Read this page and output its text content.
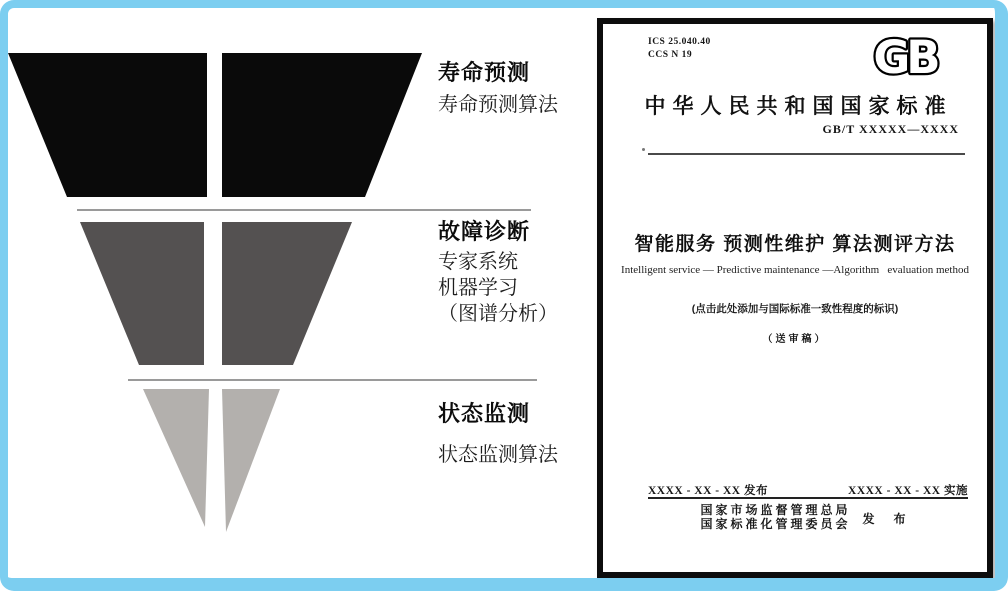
寿命预测
寿命预测算法
故障诊断
专家系统
机器学习
（图谱分析）
状态监测
状态监测算法
ICS 25.040.40
CCS N 19	GB
中华人民共和国国家标准
GB/T XXXXX—XXXX
智能服务 预测性维护 算法测评方法
Intelligent service — Predictive maintenance —Algorithm   evaluation method
(点击此处添加与国际标准一致性程度的标识)
（送审稿）
XXXX - XX - XX 发布	XXXX - XX - XX 实施
国家市场监督管理总局
国家标准化管理委员会 发 布
